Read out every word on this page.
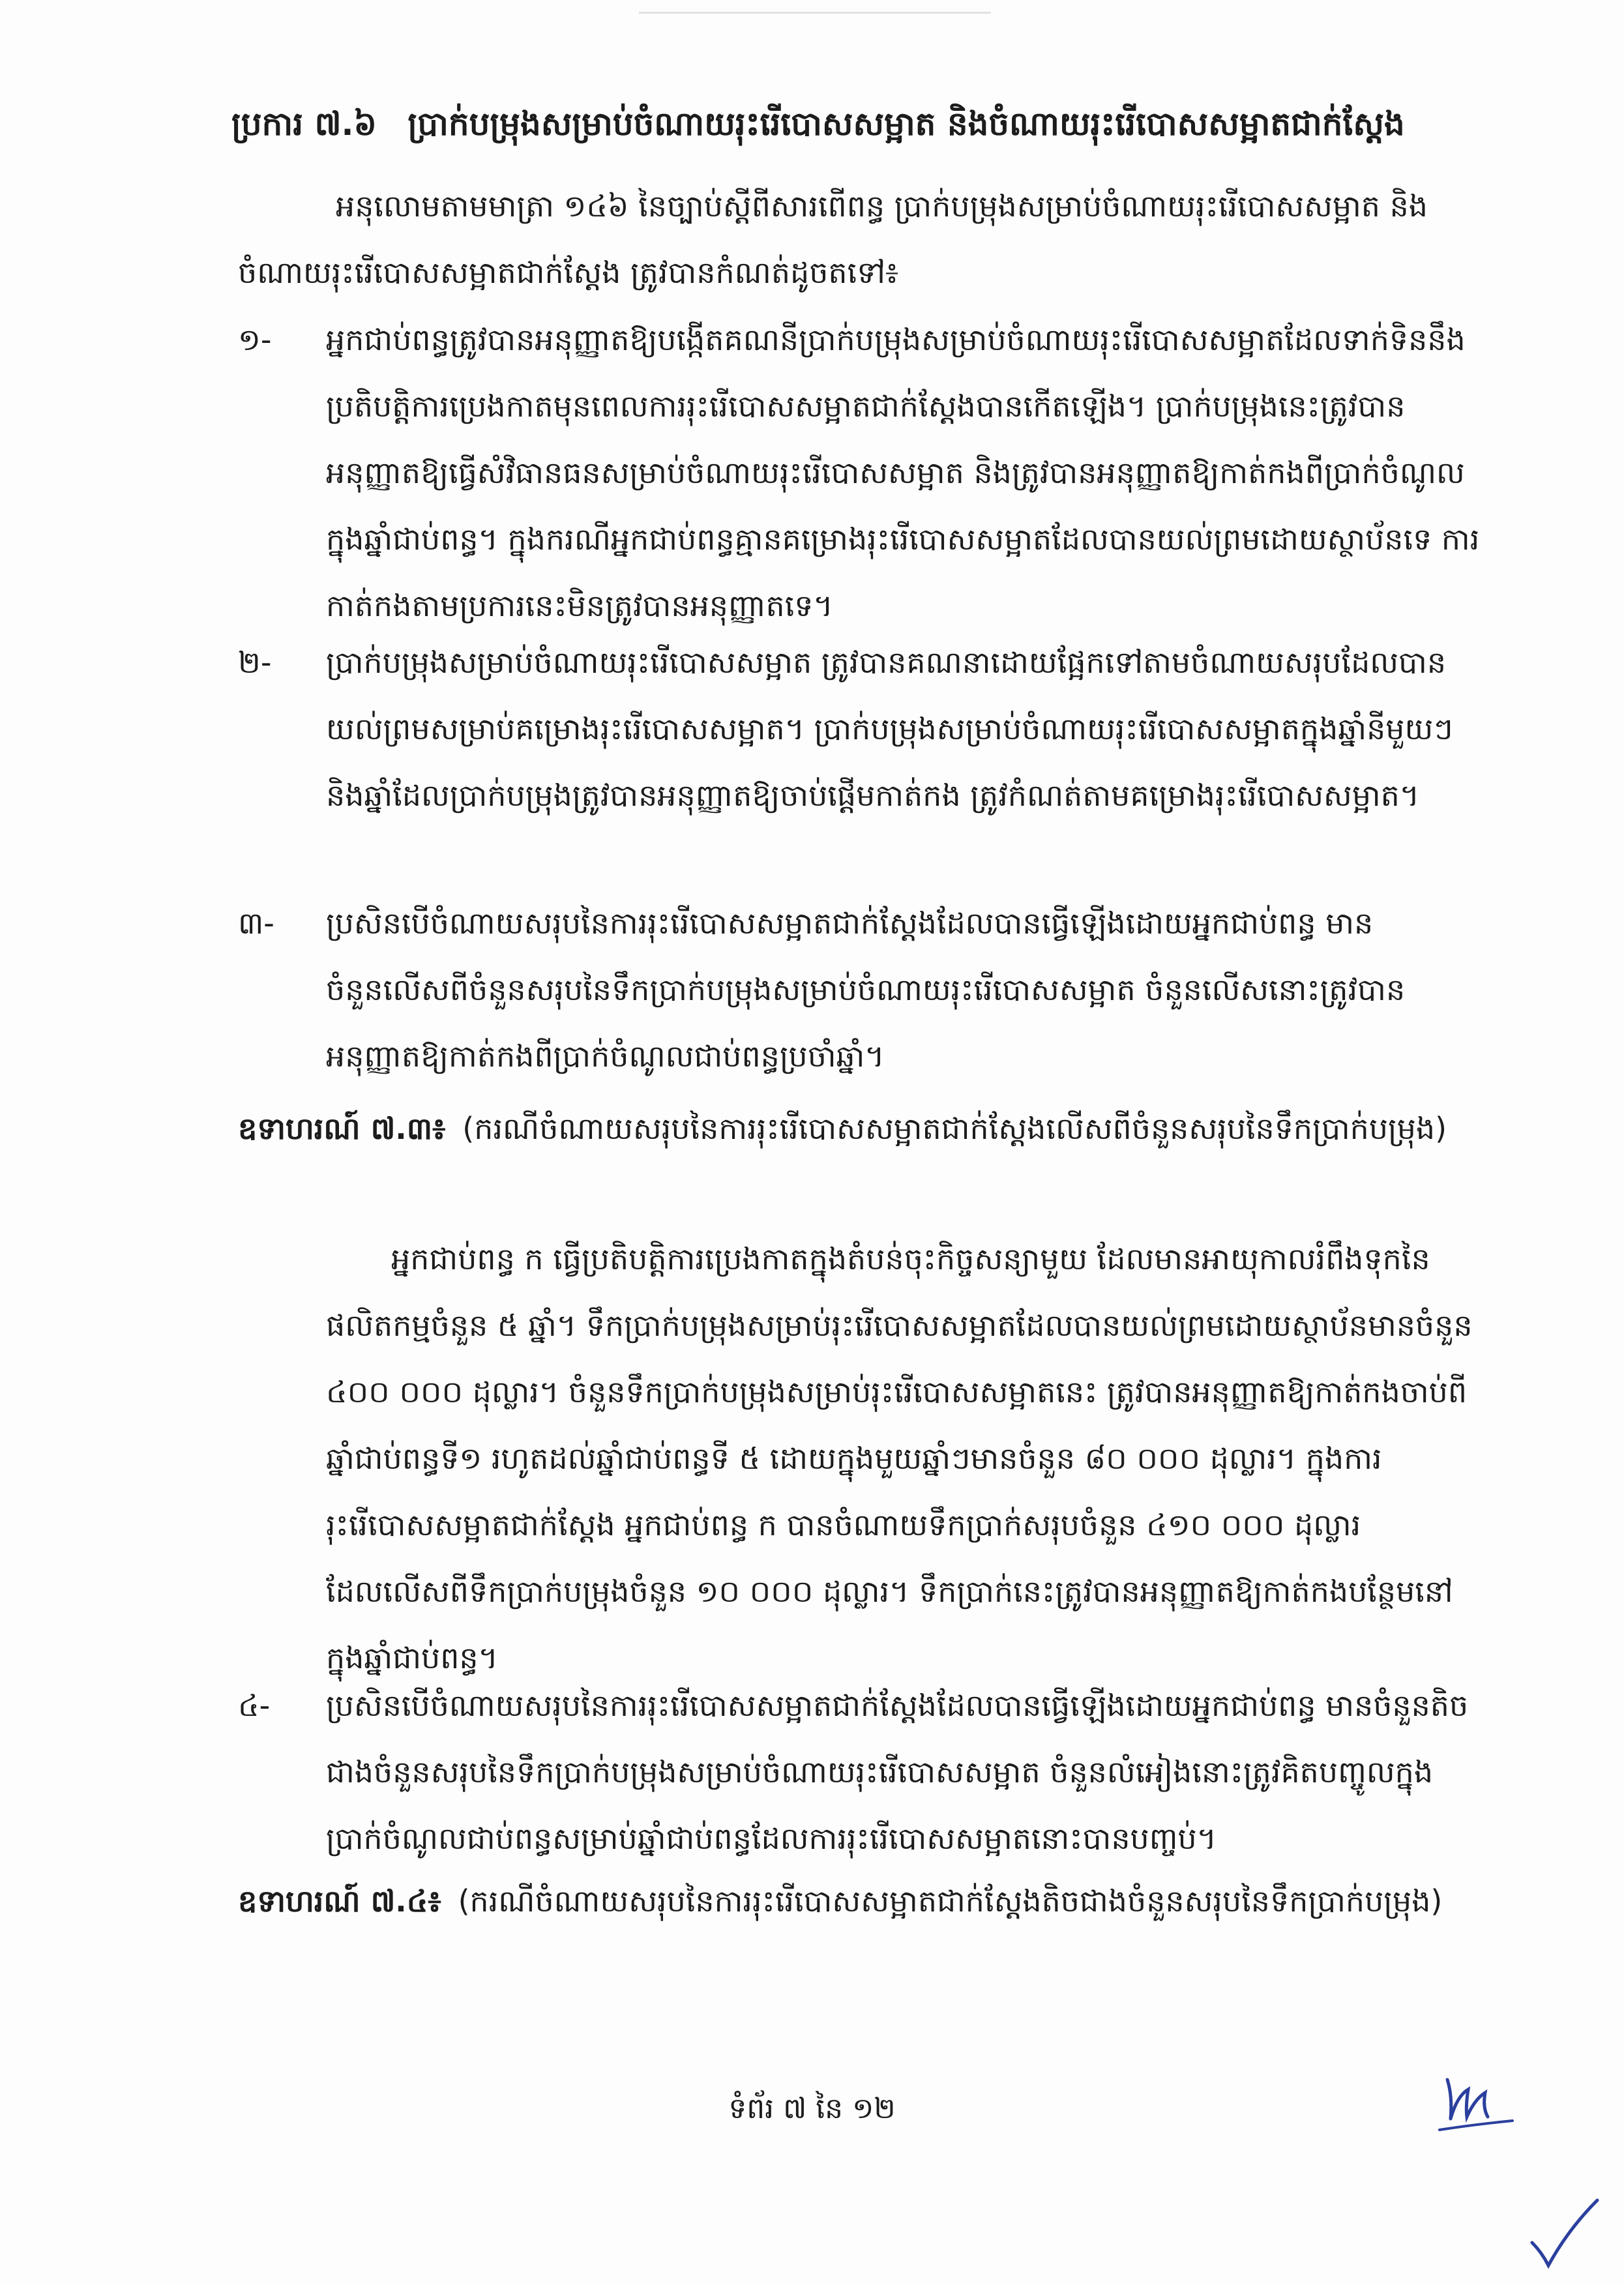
ប្រការ ៧.៦ ប្រាក់បម្រុងសម្រាប់ចំណាយរុះរើបោសសម្អាត និងចំណាយរុះរើបោសសម្អាតជាក់ស្តែង
អនុលោមតាមមាត្រា ១៤៦ នៃច្បាប់ស្តីពីសារពើពន្ធ ប្រាក់បម្រុងសម្រាប់ចំណាយរុះរើបោសសម្អាត និងចំណាយរុះរើបោសសម្អាតជាក់ស្តែង ត្រូវបានកំណត់ដូចតទៅ៖
១-	អ្នកជាប់ពន្ធត្រូវបានអនុញ្ញាតឱ្យបង្កើតគណនីប្រាក់បម្រុងសម្រាប់ចំណាយរុះរើបោសសម្អាតដែលទាក់ទិននឹងប្រតិបត្តិការប្រេងកាតមុនពេលការរុះរើបោសសម្អាតជាក់ស្តែងបានកើតឡើង។ ប្រាក់បម្រុងនេះត្រូវបានអនុញ្ញាតឱ្យធ្វើសំវិធានធនសម្រាប់ចំណាយរុះរើបោសសម្អាត និងត្រូវបានអនុញ្ញាតឱ្យកាត់កងពីប្រាក់ចំណូលក្នុងឆ្នាំជាប់ពន្ធ។ ក្នុងករណីអ្នកជាប់ពន្ធគ្មានគម្រោងរុះរើបោសសម្អាតដែលបានយល់ព្រមដោយស្ថាប័នទេ ការកាត់កងតាមប្រការនេះមិនត្រូវបានអនុញ្ញាតទេ។
២-	ប្រាក់បម្រុងសម្រាប់ចំណាយរុះរើបោសសម្អាត ត្រូវបានគណនាដោយផ្អែកទៅតាមចំណាយសរុបដែលបានយល់ព្រមសម្រាប់គម្រោងរុះរើបោសសម្អាត។ ប្រាក់បម្រុងសម្រាប់ចំណាយរុះរើបោសសម្អាតក្នុងឆ្នាំនីមួយៗ និងឆ្នាំដែលប្រាក់បម្រុងត្រូវបានអនុញ្ញាតឱ្យចាប់ផ្តើមកាត់កង ត្រូវកំណត់តាមគម្រោងរុះរើបោសសម្អាត។
៣-	ប្រសិនបើចំណាយសរុបនៃការរុះរើបោសសម្អាតជាក់ស្តែងដែលបានធ្វើឡើងដោយអ្នកជាប់ពន្ធ មានចំនួនលើសពីចំនួនសរុបនៃទឹកប្រាក់បម្រុងសម្រាប់ចំណាយរុះរើបោសសម្អាត ចំនួនលើសនោះត្រូវបានអនុញ្ញាតឱ្យកាត់កងពីប្រាក់ចំណូលជាប់ពន្ធប្រចាំឆ្នាំ។
ឧទាហរណ៍ ៧.៣៖ (ករណីចំណាយសរុបនៃការរុះរើបោសសម្អាតជាក់ស្តែងលើសពីចំនួនសរុបនៃទឹកប្រាក់បម្រុង)
អ្នកជាប់ពន្ធ ក ធ្វើប្រតិបត្តិការប្រេងកាតក្នុងតំបន់ចុះកិច្ចសន្យាមួយ ដែលមានអាយុកាលរំពឹងទុកនៃផលិតកម្មចំនួន ៥ ឆ្នាំ។ ទឹកប្រាក់បម្រុងសម្រាប់រុះរើបោសសម្អាតដែលបានយល់ព្រមដោយស្ថាប័នមានចំនួន ៤០០ ០០០ ដុល្លារ។ ចំនួនទឹកប្រាក់បម្រុងសម្រាប់រុះរើបោសសម្អាតនេះ ត្រូវបានអនុញ្ញាតឱ្យកាត់កងចាប់ពីឆ្នាំជាប់ពន្ធទី១ រហូតដល់ឆ្នាំជាប់ពន្ធទី ៥ ដោយក្នុងមួយឆ្នាំៗមានចំនួន ៨០ ០០០ ដុល្លារ។ ក្នុងការរុះរើបោសសម្អាតជាក់ស្តែង អ្នកជាប់ពន្ធ ក បានចំណាយទឹកប្រាក់សរុបចំនួន ៤១០ ០០០ ដុល្លារដែលលើសពីទឹកប្រាក់បម្រុងចំនួន ១០ ០០០ ដុល្លារ។ ទឹកប្រាក់នេះត្រូវបានអនុញ្ញាតឱ្យកាត់កងបន្ថែមនៅក្នុងឆ្នាំជាប់ពន្ធ។
៤-	ប្រសិនបើចំណាយសរុបនៃការរុះរើបោសសម្អាតជាក់ស្តែងដែលបានធ្វើឡើងដោយអ្នកជាប់ពន្ធ មានចំនួនតិចជាងចំនួនសរុបនៃទឹកប្រាក់បម្រុងសម្រាប់ចំណាយរុះរើបោសសម្អាត ចំនួនលំអៀងនោះត្រូវគិតបញ្ចូលក្នុងប្រាក់ចំណូលជាប់ពន្ធសម្រាប់ឆ្នាំជាប់ពន្ធដែលការរុះរើបោសសម្អាតនោះបានបញ្ចប់។
ឧទាហរណ៍ ៧.៤៖ (ករណីចំណាយសរុបនៃការរុះរើបោសសម្អាតជាក់ស្តែងតិចជាងចំនួនសរុបនៃទឹកប្រាក់បម្រុង)
ទំព័រ ៧ នៃ ១២
